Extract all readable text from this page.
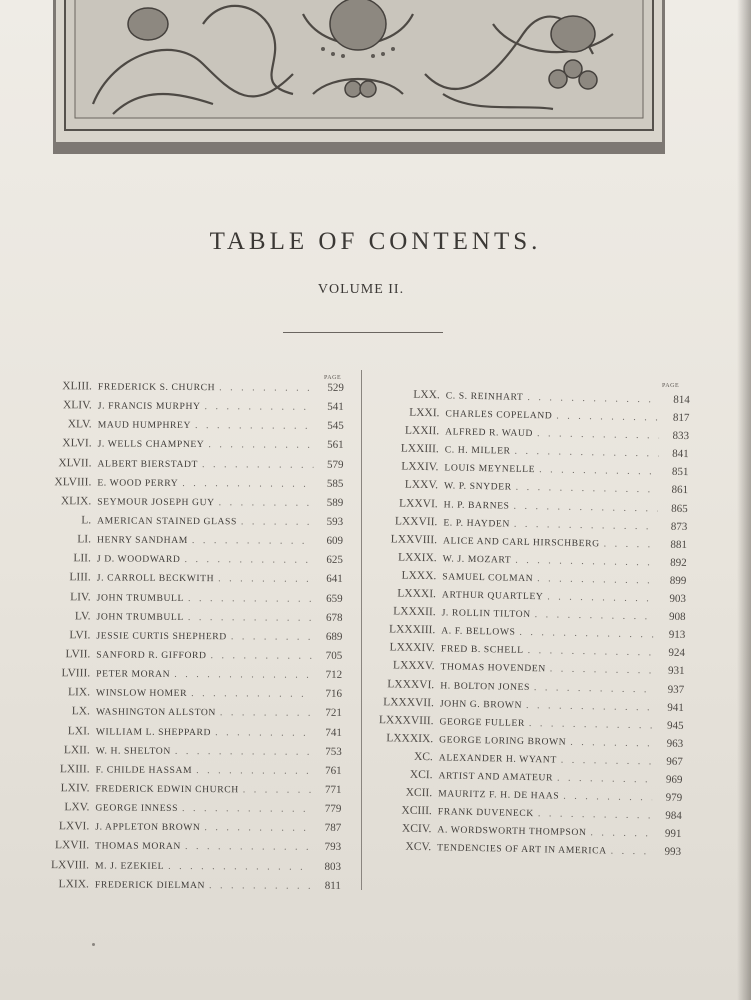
TABLE OF CONTENTS.
VOLUME II.
PAGE
PAGE
XLIII. FREDERICK S. CHURCH . . .	529
XLIV. J. FRANCIS MURPHY . . .	541
XLV. MAUD HUMPHREY . . .	545
XLVI. J. WELLS CHAMPNEY . . .	561
XLVII. ALBERT BIERSTADT . . .	579
XLVIII. E. WOOD PERRY . . .	585
XLIX. SEYMOUR JOSEPH GUY . . .	589
L. AMERICAN STAINED GLASS . . .	593
LI. HENRY SANDHAM . . .	609
LII. J D. WOODWARD . . .	625
LIII. J. CARROLL BECKWITH . . .	641
LIV. JOHN TRUMBULL . . .	659
LV. JOHN TRUMBULL . . .	678
LVI. JESSIE CURTIS SHEPHERD . . .	689
LVII. SANFORD R. GIFFORD . . .	705
LVIII. PETER MORAN . . .	712
LIX. WINSLOW HOMER . . .	716
LX. WASHINGTON ALLSTON . . .	721
LXI. WILLIAM L. SHEPPARD . . .	741
LXII. W. H. SHELTON . . .	753
LXIII. F. CHILDE HASSAM . . .	761
LXIV. FREDERICK EDWIN CHURCH . . .	771
LXV. GEORGE INNESS . . .	779
LXVI. J. APPLETON BROWN . . .	787
LXVII. THOMAS MORAN . . .	793
LXVIII. M. J. EZEKIEL . . .	803
LXIX. FREDERICK DIELMAN . . .	811
LXX. C. S. REINHART . . .	814
LXXI. CHARLES COPELAND . . .	817
LXXII. ALFRED R. WAUD . . .	833
LXXIII. C. H. MILLER . . .	841
LXXIV. LOUIS MEYNELLE . . .	851
LXXV. W. P. SNYDER . . .	861
LXXVI. H. P. BARNES . . .	865
LXXVII. E. P. HAYDEN . . .	873
LXXVIII. ALICE AND CARL HIRSCHBERG . . .	881
LXXIX. W. J. MOZART . . .	892
LXXX. SAMUEL COLMAN . . .	899
LXXXI. ARTHUR QUARTLEY . . .	903
LXXXII. J. ROLLIN TILTON . . .	908
LXXXIII. A. F. BELLOWS . . .	913
LXXXIV. FRED B. SCHELL . . .	924
LXXXV. THOMAS HOVENDEN . . .	931
LXXXVI. H. BOLTON JONES . . .	937
LXXXVII. JOHN G. BROWN . . .	941
LXXXVIII. GEORGE FULLER . . .	945
LXXXIX. GEORGE LORING BROWN . . .	963
XC. ALEXANDER H. WYANT . . .	967
XCI. ARTIST AND AMATEUR . . .	969
XCII. MAURITZ F. H. DE HAAS . . .	979
XCIII. FRANK DUVENECK . . .	984
XCIV. A. WORDSWORTH THOMPSON . . .	991
XCV. TENDENCIES OF ART IN AMERICA . . .	993
